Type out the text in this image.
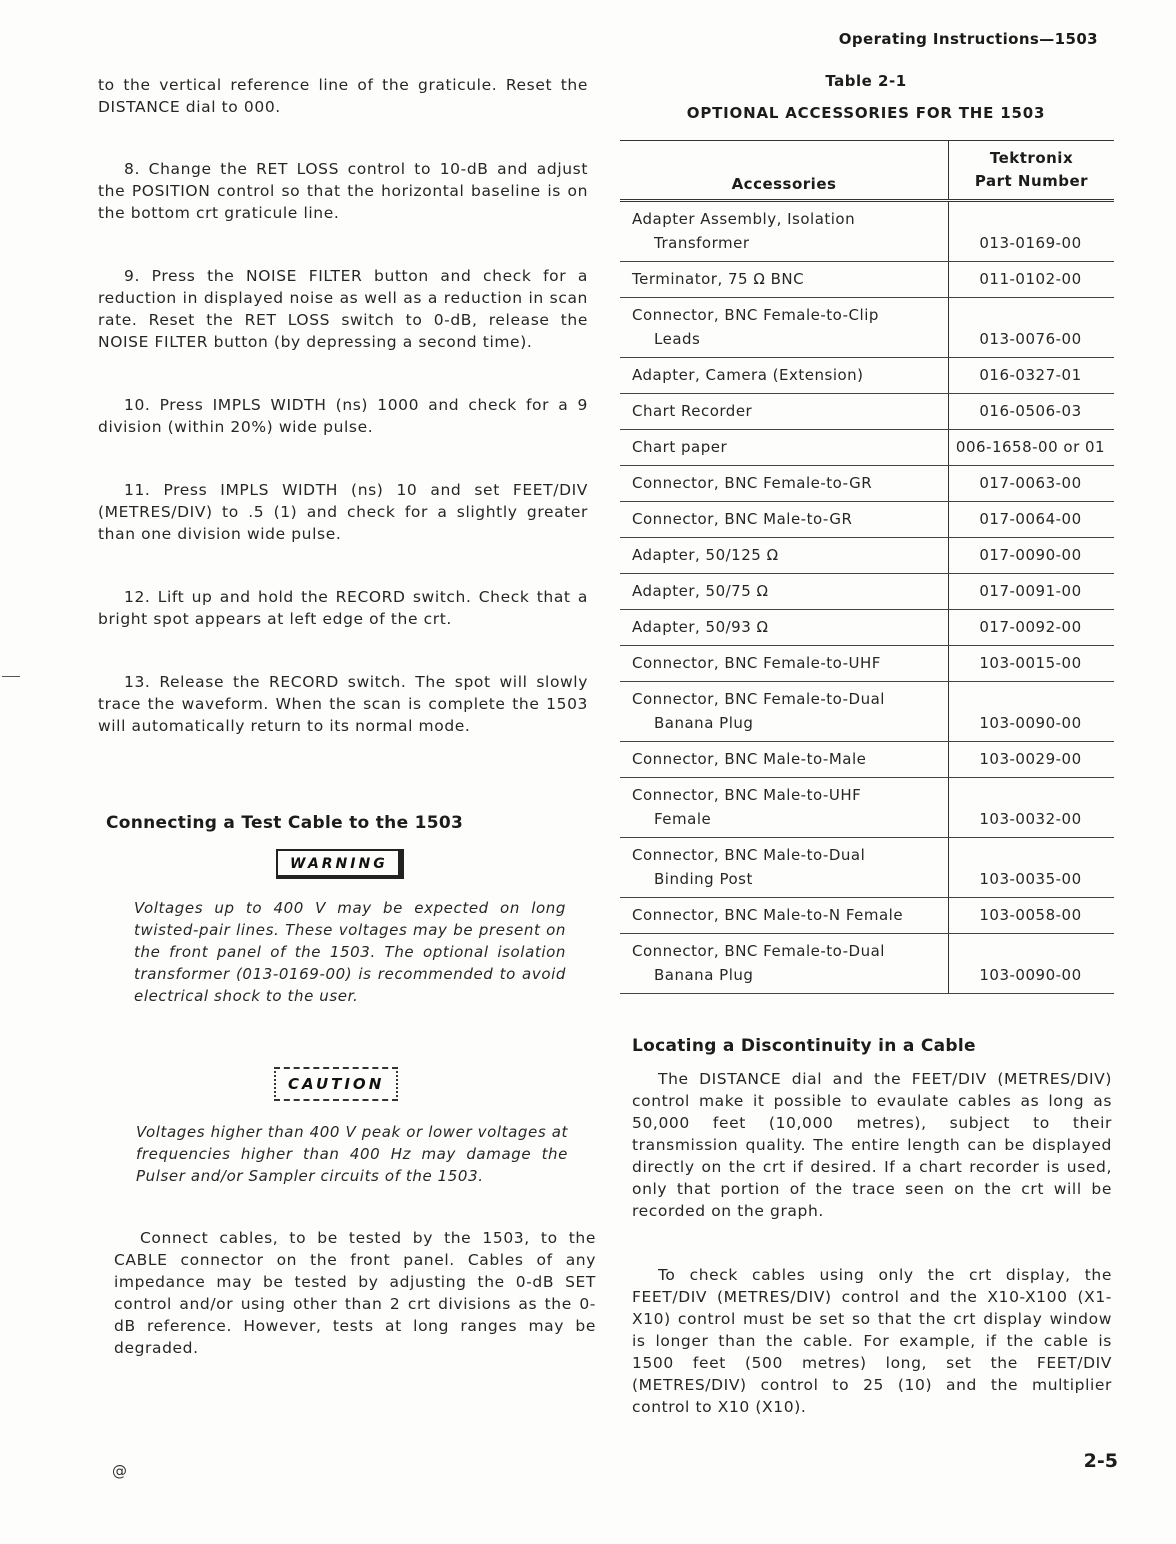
Operating Instructions—1503

to the vertical reference line of the graticule. Reset the DISTANCE dial to 000.

8. Change the RET LOSS control to 10-dB and adjust the POSITION control so that the horizontal baseline is on the bottom crt graticule line.

9. Press the NOISE FILTER button and check for a reduction in displayed noise as well as a reduction in scan rate. Reset the RET LOSS switch to 0-dB, release the NOISE FILTER button (by depressing a second time).

10. Press IMPLS WIDTH (ns) 1000 and check for a 9 division (within 20%) wide pulse.

11. Press IMPLS WIDTH (ns) 10 and set FEET/DIV (METRES/DIV) to .5 (1) and check for a slightly greater than one division wide pulse.

12. Lift up and hold the RECORD switch. Check that a bright spot appears at left edge of the crt.

13. Release the RECORD switch. The spot will slowly trace the waveform. When the scan is complete the 1503 will automatically return to its normal mode.

Connecting a Test Cable to the 1503
WARNING

Voltages up to 400 V may be expected on long twisted-pair lines. These voltages may be present on the front panel of the 1503. The optional isolation transformer (013-0169-00) is recommended to avoid electrical shock to the user.

CAUTION

Voltages higher than 400 V peak or lower voltages at frequencies higher than 400 Hz may damage the Pulser and/or Sampler circuits of the 1503.

Connect cables, to be tested by the 1503, to the CABLE connector on the front panel. Cables of any impedance may be tested by adjusting the 0-dB SET control and/or using other than 2 crt divisions as the 0-dB reference. However, tests at long ranges may be degraded.

Table 2-1
OPTIONAL ACCESSORIES FOR THE 1503
Accessories	Tektronix
Part Number

Adapter Assembly, Isolation
Transformer	013-0169-00

Terminator, 75 Ω BNC	011-0102-00

Connector, BNC Female-to-Clip
Leads	013-0076-00

Adapter, Camera (Extension)	016-0327-01

Chart Recorder	016-0506-03

Chart paper	006-1658-00 or 01

Connector, BNC Female-to-GR	017-0063-00

Connector, BNC Male-to-GR	017-0064-00

Adapter, 50/125 Ω	017-0090-00

Adapter, 50/75 Ω	017-0091-00

Adapter, 50/93 Ω	017-0092-00

Connector, BNC Female-to-UHF	103-0015-00

Connector, BNC Female-to-Dual
Banana Plug	103-0090-00

Connector, BNC Male-to-Male	103-0029-00

Connector, BNC Male-to-UHF
Female	103-0032-00

Connector, BNC Male-to-Dual
Binding Post	103-0035-00

Connector, BNC Male-to-N Female	103-0058-00

Connector, BNC Female-to-Dual
Banana Plug	103-0090-00
Locating a Discontinuity in a Cable

The DISTANCE dial and the FEET/DIV (METRES/DIV) control make it possible to evaulate cables as long as 50,000 feet (10,000 metres), subject to their transmission quality. The entire length can be displayed directly on the crt if desired. If a chart recorder is used, only that portion of the trace seen on the crt will be recorded on the graph.

To check cables using only the crt display, the FEET/DIV (METRES/DIV) control and the X10-X100 (X1-X10) control must be set so that the crt display window is longer than the cable. For example, if the cable is 1500 feet (500 metres) long, set the FEET/DIV (METRES/DIV) control to 25 (10) and the multiplier control to X10 (X10).

@	2-5
